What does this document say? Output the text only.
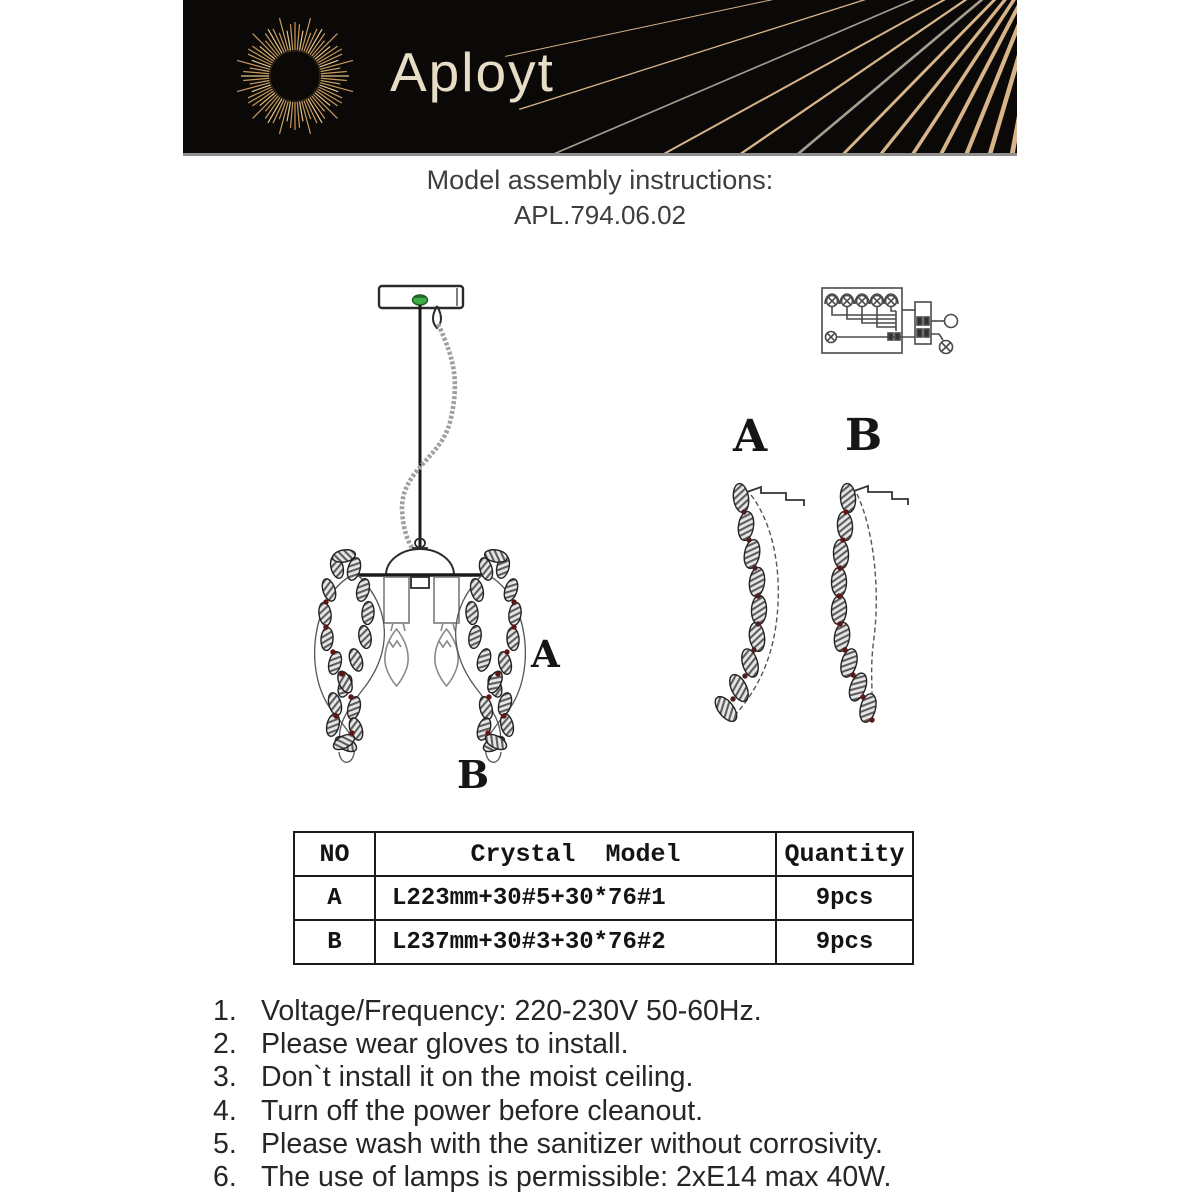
Aployt
Model assembly instructions:
APL.794.06.02
A
B
A B
NO	Crystal  Model	Quantity
A	L223mm+30#5+30*76#1	9pcs
B	L237mm+30#3+30*76#2	9pcs
1. Voltage/Frequency: 220-230V 50-60Hz.
2. Please wear gloves to install.
3. Don`t install it on the moist ceiling.
4. Turn off the power before cleanout.
5. Please wash with the sanitizer without corrosivity.
6. The use of lamps is permissible: 2xE14 max 40W.
